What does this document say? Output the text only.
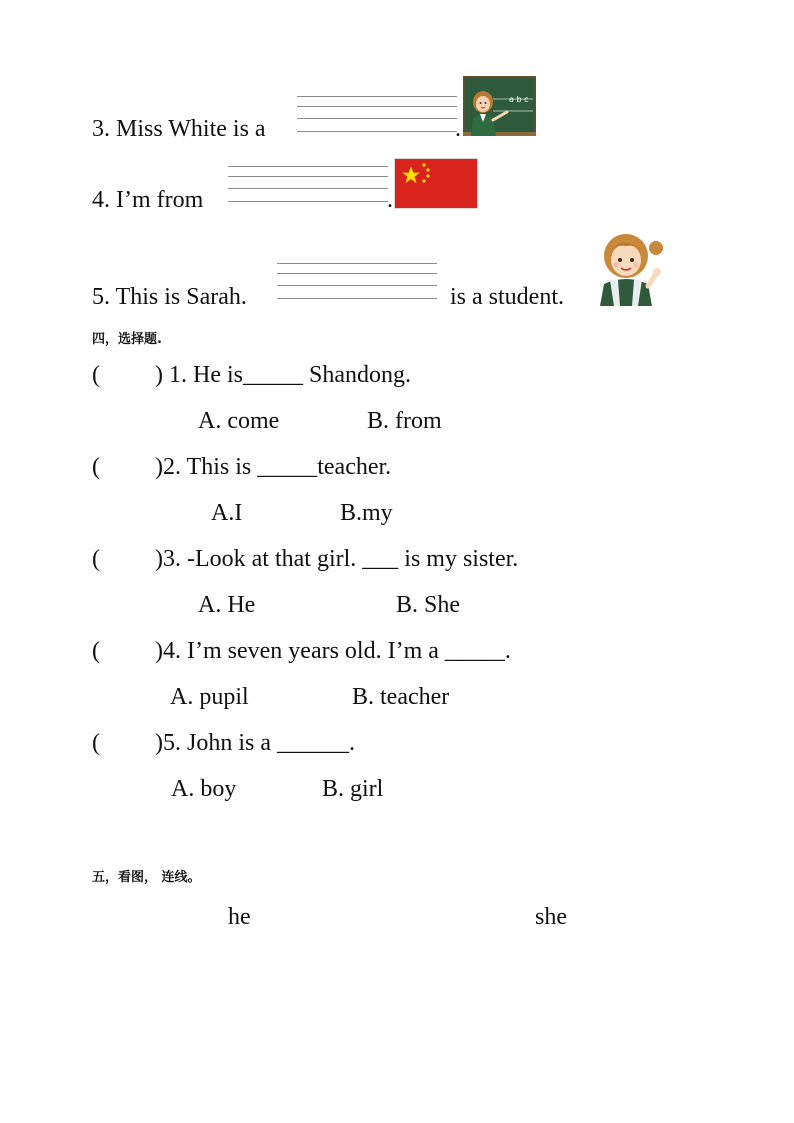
3. Miss White is a	.
a b c
4. I’m from	.
5. This is Sarah.	is a student.
四，选择题.
( ) 1. He is_____ Shandong.
A. come	B. from
( )2. This is _____teacher.
A.I	B.my
( )3. -Look at that girl. ___ is my sister.
A. He	B. She
( )4. I’m seven years old. I’m a _____.
A. pupil	B. teacher
( )5. John is a ______.
A. boy	B. girl
五，看图， 连线。
he	she
